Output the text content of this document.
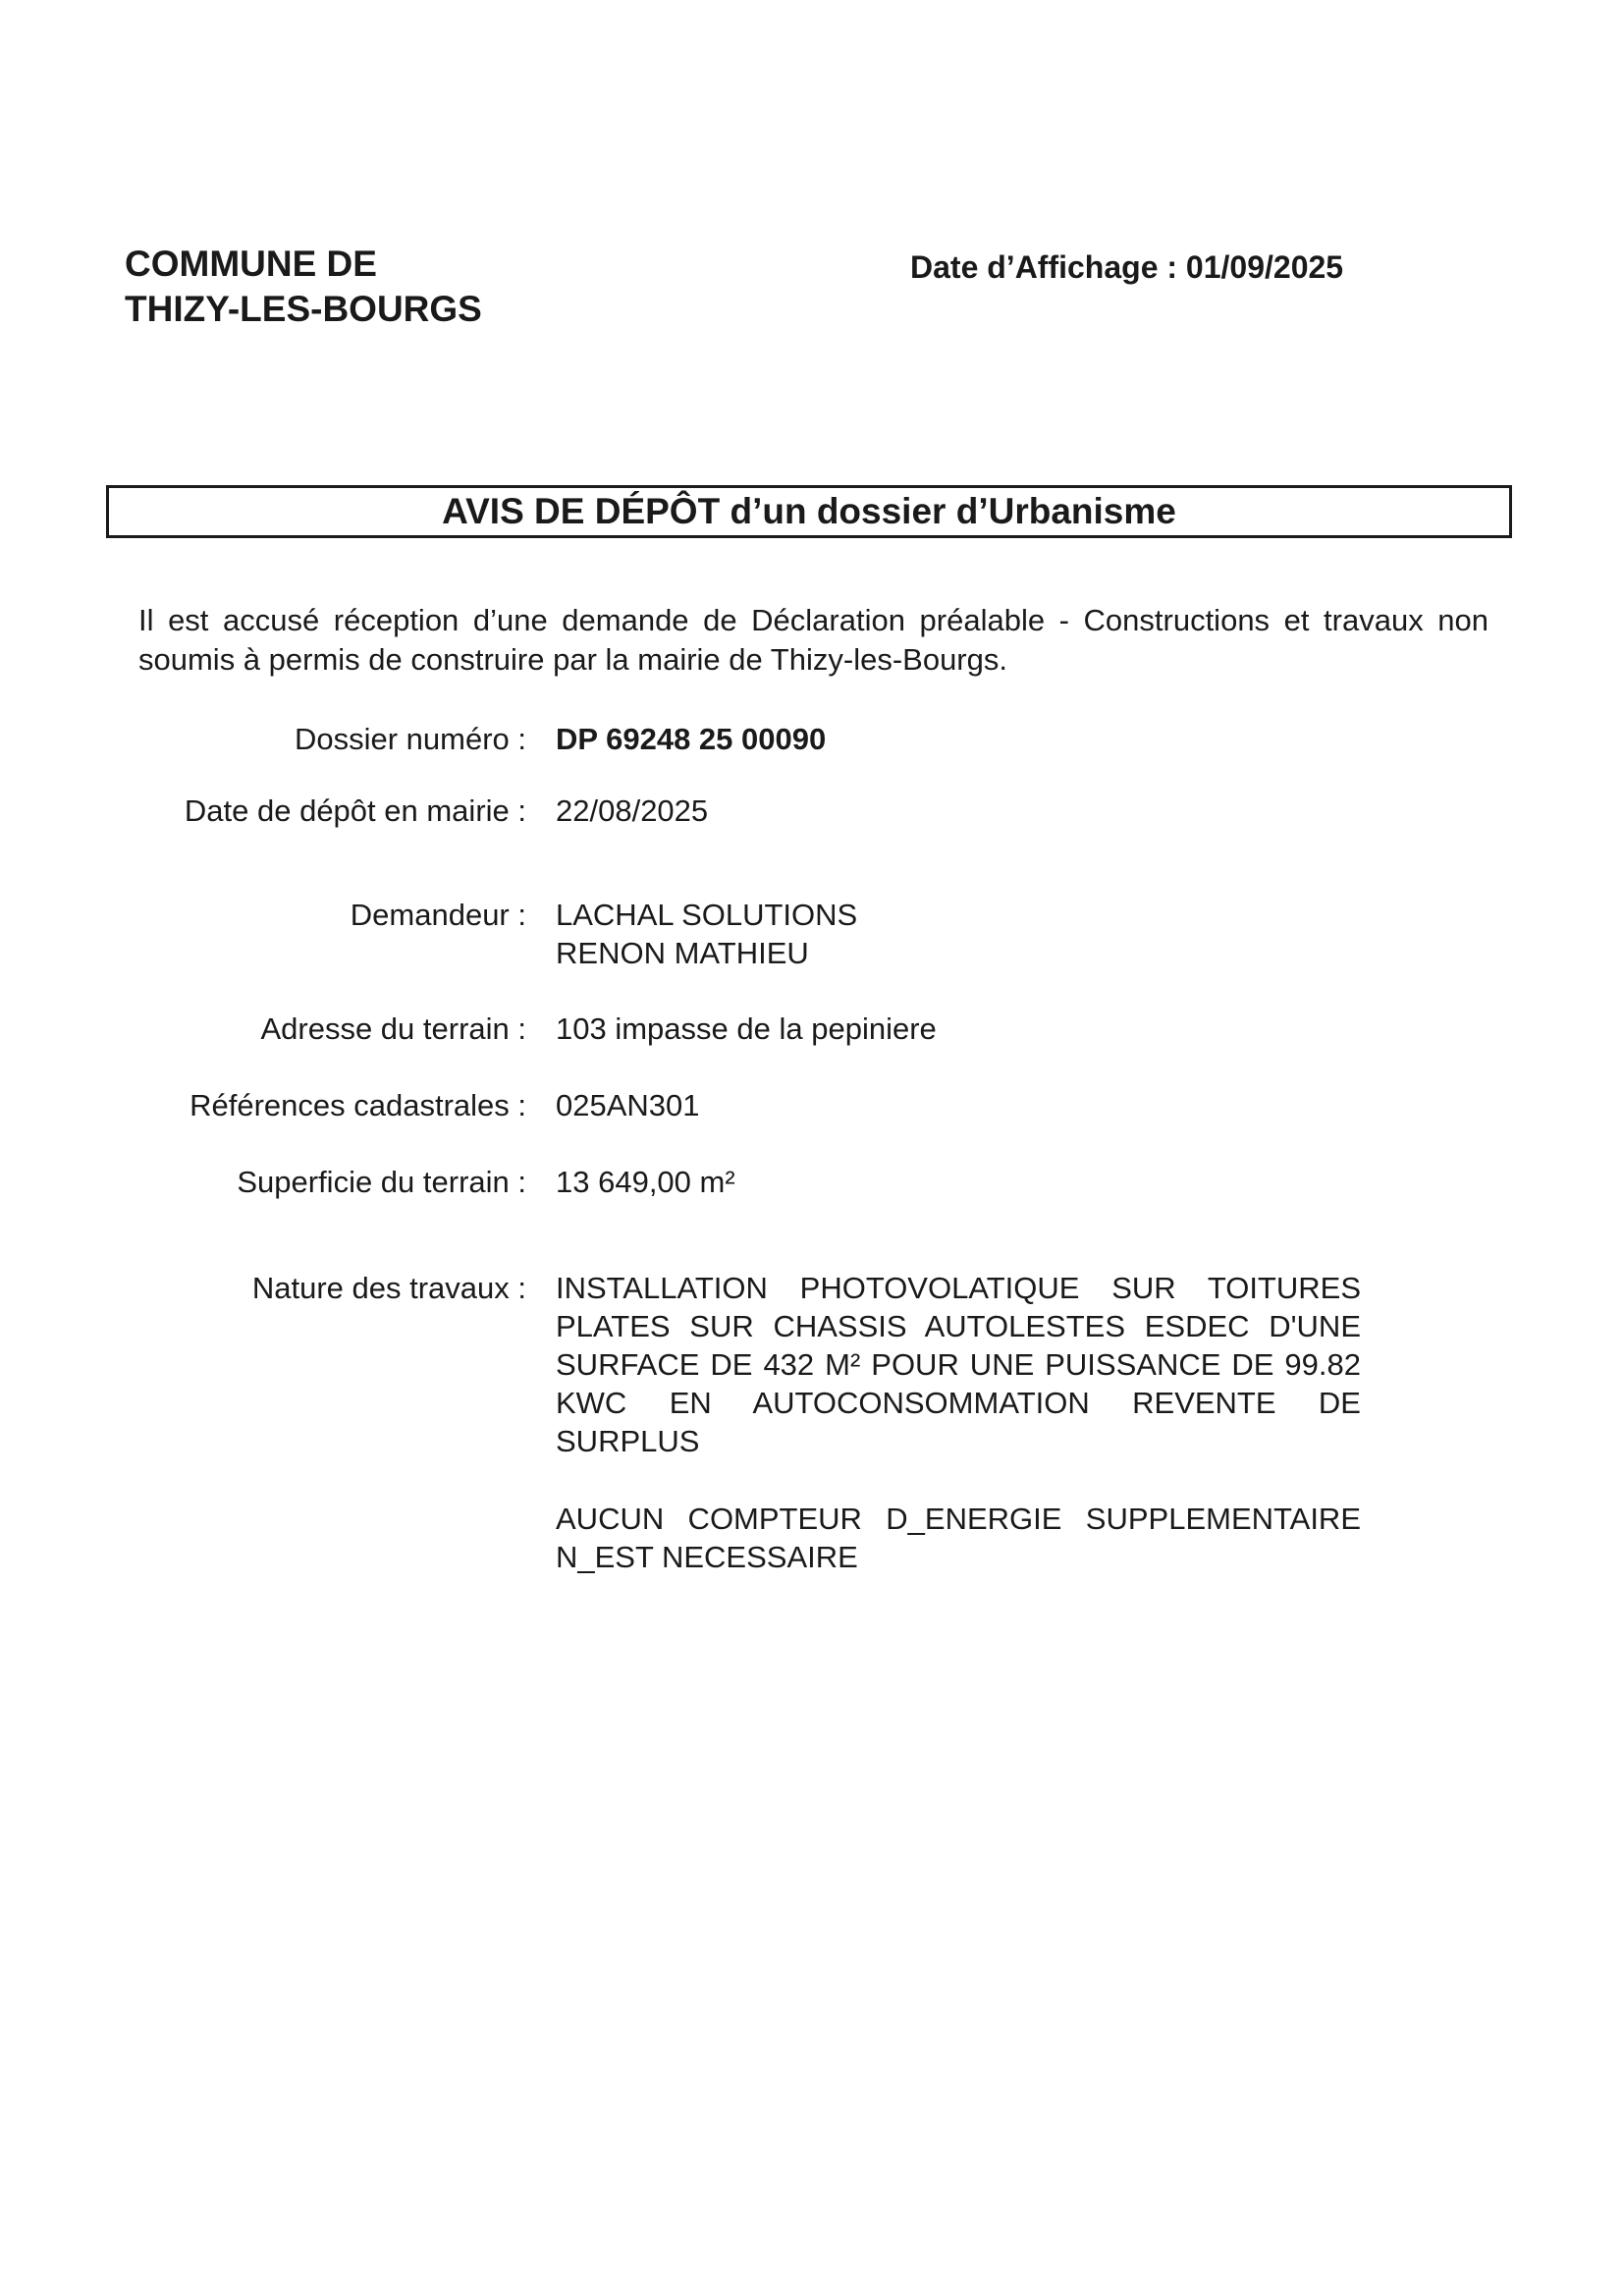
COMMUNE DE
THIZY-LES-BOURGS
Date d’Affichage : 01/09/2025
AVIS DE DÉPÔT d’un dossier d’Urbanisme

Il est accusé réception d’une demande de Déclaration préalable - Constructions et travaux non soumis à permis de construire par la mairie de Thizy-les-Bourgs.

Dossier numéro : DP 69248 25 00090
Date de dépôt en mairie : 22/08/2025
Demandeur : LACHAL SOLUTIONS
RENON MATHIEU
Adresse du terrain : 103 impasse de la pepiniere
Références cadastrales : 025AN301
Superficie du terrain : 13 649,00 m²
Nature des travaux : INSTALLATION PHOTOVOLATIQUE SUR TOITURES PLATES SUR CHASSIS AUTOLESTES ESDEC D'UNE SURFACE DE 432 M² POUR UNE PUISSANCE DE 99.82 KWC EN AUTOCONSOMMATION REVENTE DE SURPLUS

AUCUN COMPTEUR D_ENERGIE SUPPLEMENTAIRE N_EST NECESSAIRE
